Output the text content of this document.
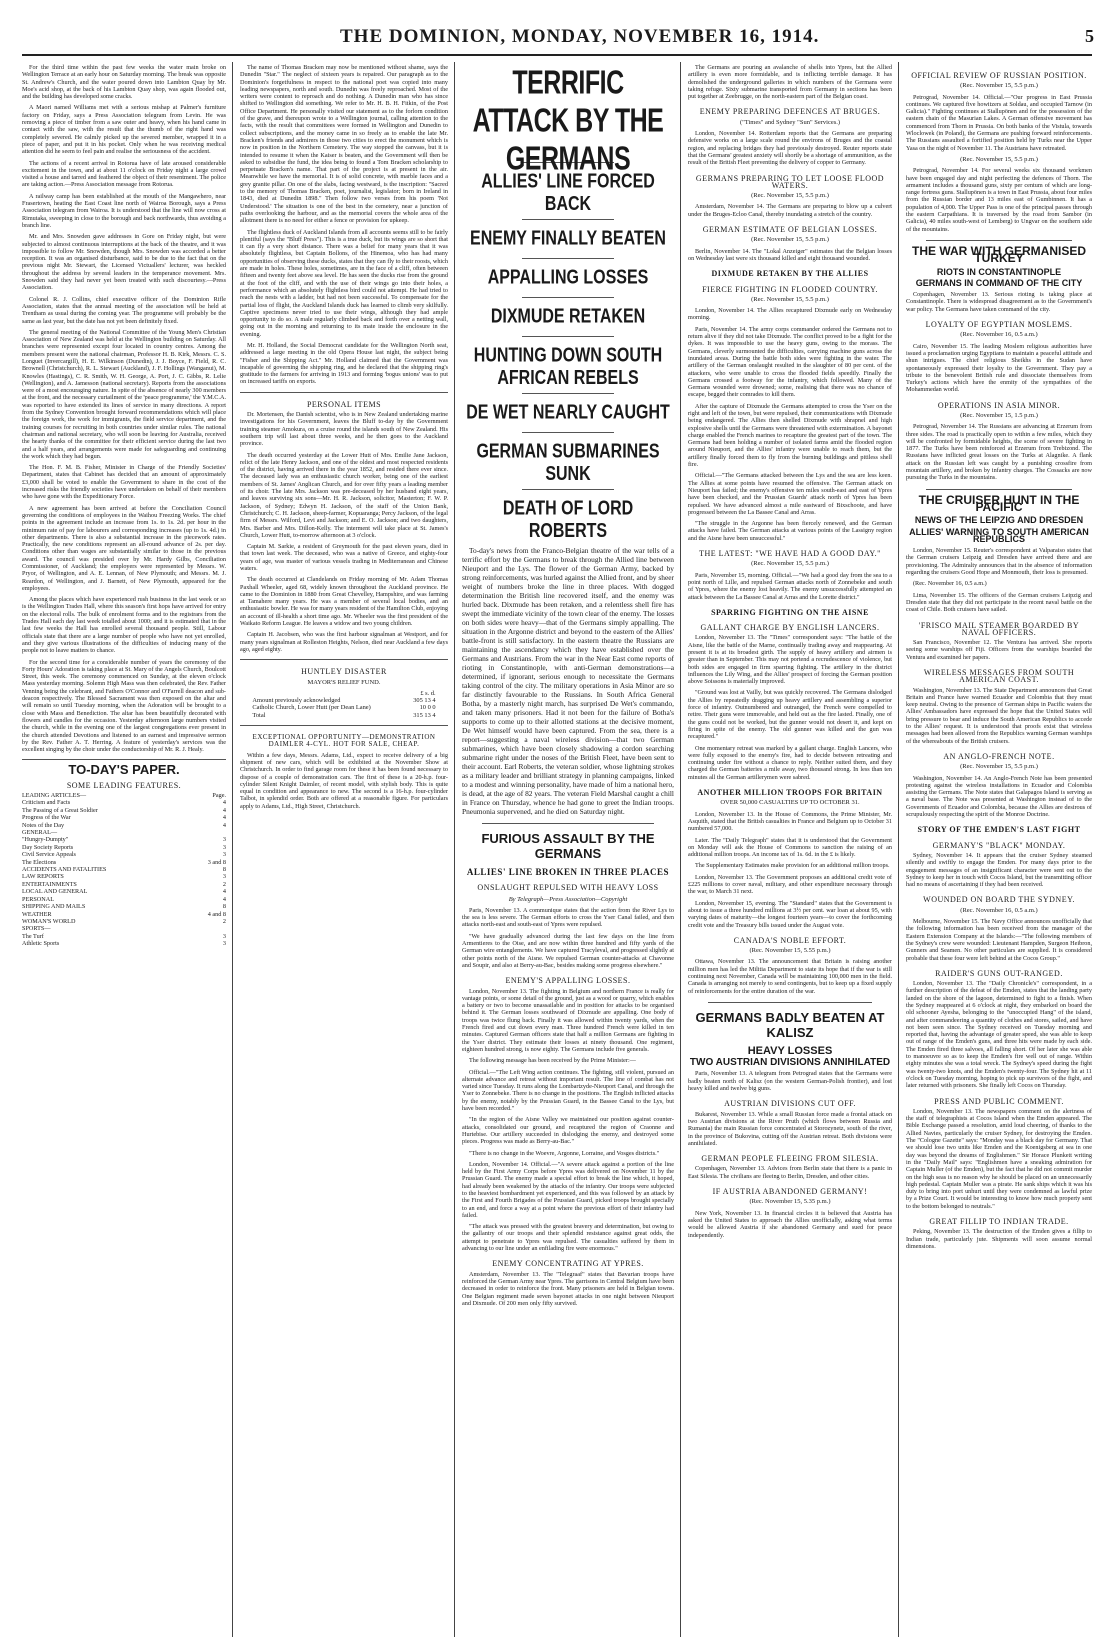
THE DOMINION, MONDAY, NOVEMBER 16, 1914.	5

For the third time within the past few weeks the water main broke on Wellington Terrace at an early hour on Saturday morning. The break was opposite St. Andrew's Church, and the water poured down into Lambton Quay by Mr. Moe's acid shop, at the back of his Lambton Quay shop, was again flooded out, and the building has developed some cracks.

A Maori named Williams met with a serious mishap at Palmer's furniture factory on Friday, says a Press Association telegram from Levin. He was removing a piece of timber from a saw outer and heavy, when his hand came in contact with the saw, with the result that the thumb of the right hand was completely severed. He calmly picked up the severed member, wrapped it in a piece of paper, and put it in his pocket. Only when he was receiving medical attention did he seem to feel pain and realise the seriousness of the accident.

The actions of a recent arrival in Rotorua have of late aroused considerable excitement in the town, and at about 11 o'clock on Friday night a large crowd visited a house and tarred and feathered the object of their resentment. The police are taking action.—Press Association message from Rotorua.

A railway camp has been established at the mouth of the Mangawhero, near Frasertown, heating the East Coast line north of Wairoa Borough, says a Press Association telegram from Wairoa. It is understood that the line will now cross at Rimutaka, sweeping in close to the borough and back northwards, thus avoiding a branch line.

Mr. and Mrs. Snowden gave addresses in Gore on Friday night, but were subjected to almost continuous interruptions at the back of the theatre, and it was impossible to follow Mr. Snowden, though Mrs. Snowden was accorded a better reception. It was an organised disturbance, said to be due to the fact that on the previous night Mr. Stewart, the Licensed Victuallers' lecturer, was heckled throughout the address by several leaders in the temperance movement. Mrs. Snowden said they had never yet been treated with such discourtesy.—Press Association.

Colonel R. J. Collins, chief executive officer of the Dominion Rifle Association, states that the annual meeting of the association will be held at Trentham as usual during the coming year. The programme will probably be the same as last year, but the date has not yet been definitely fixed.

The general meeting of the National Committee of the Young Men's Christian Association of New Zealand was held at the Wellington building on Saturday. All branches were represented except four located in country centres. Among the members present were the national chairman, Professor H. B. Kirk, Messrs. C. S. Longuet (Invercargill), H. E. Wilkinson (Dunedin), J. J. Boyce, F. Field, R. C. Brownell (Christchurch), R. L. Stewart (Auckland), J. F. Hollings (Wanganui), M. Knowles (Hastings), C. R. Smith, W. H. George, A. Port, J. C. Gibbs, R. Lelie (Wellington), and A. Jamesson (national secretary). Reports from the associations were of a most encouraging nature. In spite of the absence of nearly 300 members at the front, and the necessary curtailment of the 'peace programme,' the Y.M.C.A. was reported to have extended its lines of service in many directions. A report from the Sydney Convention brought forward recommendations which will place the foreign work, the work for immigrants, the field service department, and the training courses for recruiting in both countries under similar rules. The national chairman and national secretary, who will soon be leaving for Australia, received the hearty thanks of the committee for their efficient service during the last two and a half years, and arrangements were made for safeguarding and continuing the work which they had begun.

The Hon. F. M. B. Fisher, Minister in Charge of the Friendly Societies' Department, states that Cabinet has decided that an amount of approximately £3,000 shall be voted to enable the Government to share in the cost of the increased risks the friendly societies have undertaken on behalf of their members who have gone with the Expeditionary Force.

A new agreement has been arrived at before the Conciliation Council governing the conditions of employees in the Waihou Freezing Works. The chief points in the agreement include an increase from 1s. to 1s. 2d. per hour in the minimum rate of pay for labourers and corresponding increases (up to 1s. 4d.) in other departments. There is also a substantial increase in the piecework rates. Practically, the new conditions represent an all-round advance of 2s. per day. Conditions other than wages are substantially similar to those in the previous award. The council was presided over by Mr. Hardy Gilbs, Conciliation Commissioner, of Auckland; the employers were represented by Messrs. W. Pryor, of Wellington, and A. E. Lennan, of New Plymouth; and Messrs. M. J. Reardon, of Wellington, and J. Barnett, of New Plymouth, appeared for the employees.

Among the places which have experienced rush business in the last week or so is the Wellington Trades Hall, where this season's first hops have arrived for entry on the electoral rolls. The bulk of enrolment forms and to the registrars from the Trades Hall each day last week totalled about 1000; and it is estimated that in the last few weeks the Hall has enrolled several thousand people. Still, Labour officials state that there are a large number of people who have not yet enrolled, and they give various illustrations of the difficulties of inducing many of the people not to leave matters to chance.

For the second time for a considerable number of years the ceremony of the Forty Hours' Adoration is taking place at St. Mary of the Angels Church, Boulcott Street, this week. The ceremony commenced on Sunday, at the eleven o'clock Mass yesterday morning. Solemn High Mass was then celebrated, the Rev. Father Venning being the celebrant, and Fathers O'Connor and O'Farrell deacon and sub-deacon respectively. The Blessed Sacrament was then exposed on the altar and will remain so until Tuesday morning, when the Adoration will be brought to a close with Mass and Benediction. The altar has been beautifully decorated with flowers and candles for the occasion. Yesterday afternoon large numbers visited the church, while in the evening one of the largest congregations ever present in the church attended Devotions and listened to an earnest and impressive sermon by the Rev. Father A. T. Herring. A feature of yesterday's services was the excellent singing by the choir under the conductorship of Mr. R. J. Healy.

TO-DAY'S PAPER.
SOME LEADING FEATURES.
LEADING ARTICLES—	Page.
Criticism and Facts	4
The Passing of a Great Soldier	4
Progress of the War	4
Notes of the Day	4
GENERAL—
"Hungry-Dumpty"	3
Day Society Reports	3
Civil Service Appeals	3
The Elections	3 and 8
ACCIDENTS AND FATALITIES	8
LAW REPORTS	3
ENTERTAINMENTS	2
LOCAL AND GENERAL	4
PERSONAL	4
SHIPPING AND MAILS	8
WEATHER	4 and 8
WOMAN'S WORLD	2
SPORTS—
The Turf	3
Athletic Sports	3

The name of Thomas Bracken may now be mentioned without shame, says the Dunedin "Star." The neglect of sixteen years is repaired. Our paragraph as to the Dominion's forgetfulness in respect to the national poet was copied into many leading newspapers, north and south. Dunedin was freely reproached. Most of the writers were content to reproach and do nothing. A Dunedin man who has since shifted to Wellington did something. We refer to Mr. H. B. H. Fitkin, of the Post Office Department. He personally visited our statement as to the forlorn condition of the grave, and thereupon wrote to a Wellington journal, calling attention to the facts, with the result that committees were formed in Wellington and Dunedin to collect subscriptions, and the money came in so freely as to enable the late Mr. Bracken's friends and admirers in those two cities to erect the monument which is now in position in the Northern Cemetery. The way stopped the canvass, but it is intended to resume it when the Kaiser is beaten, and the Government will then be asked to subsidise the fund, the idea being to found a Tom Bracken scholarship to perpetuate Bracken's name. That part of the project is at present in the air. Meanwhile we have the memorial. It is of solid concrete, with marble faces and a grey granite pillar. On one of the slabs, facing westward, is the inscription: "Sacred to the memory of Thomas Bracken, poet, journalist, legislator; born in Ireland in 1843, died at Dunedin 1898." Then follow two verses from his poem 'Not Understood.' The situation is one of the best in the cemetery, near a junction of paths overlooking the harbour, and as the memorial covers the whole area of the allotment there is no need for either a fence or provision for upkeep.

The flightless duck of Auckland Islands from all accounts seems still to be fairly plentiful (says the "Bluff Press"). This is a true duck, but its wings are so short that it can fly a very short distance. There was a belief for many years that it was absolutely flightless, but Captain Bollons, of the Hinemoa, who has had many opportunities of observing these ducks, states that they can fly to their roosts, which are made in holes. These holes, sometimes, are in the face of a cliff, often between fifteen and twenty feet above sea level. He has seen the ducks rise from the ground at the foot of the cliff, and with the use of their wings go into their holes, a performance which an absolutely flightless bird could not attempt. He had tried to reach the nests with a ladder, but had not been successful. To compensate for the partial loss of flight, the Auckland Islands duck has learned to climb very skilfully. Captive specimens never tried to use their wings, although they had ample opportunity to do so. A male regularly climbed back and forth over a netting wall, going out in the morning and returning to its mate inside the enclosure in the evening.

Mr. H. Holland, the Social Democrat candidate for the Wellington North seat, addressed a large meeting in the old Opera House last night, the subject being "Fisher and the Shipping Act." Mr. Holland claimed that the Government was incapable of governing the shipping ring, and he declared that the shipping ring's gratitude to the farmers for arriving in 1913 and forming 'bogus unions' was to put on increased tariffs on exports.

PERSONAL ITEMS

Dr. Mortensen, the Danish scientist, who is in New Zealand undertaking marine investigations for his Government, leaves the Bluff to-day by the Government training steamer Amokura, on a cruise round the islands south of New Zealand. His southern trip will last about three weeks, and he then goes to the Auckland province.

The death occurred yesterday at the Lower Hutt of Mrs. Emilie Jane Jackson, relict of the late Henry Jackson, and one of the oldest and most respected residents of the district, having arrived there in the year 1852, and resided there ever since. The deceased lady was an enthusiastic church worker, being one of the earliest members of St. James' Anglican Church, and for over fifty years a leading member of its choir. The late Mrs. Jackson was pre-deceased by her husband eight years, and leaves surviving six sons—Mr. H. R. Jackson, solicitor, Masterton; F. W. P. Jackson, of Sydney; Edwyn H. Jackson, of the staff of the Union Bank, Christchurch; C. H. Jackson, sheep-farmer, Kopuaranga; Percy Jackson, of the legal firm of Messrs. Wilford, Levi and Jackson; and E. O. Jackson; and two daughters, Mrs. Barber and Mrs. Dillon-Kelly. The interment will take place at St. James's Church, Lower Hutt, to-morrow afternoon at 3 o'clock.

Captain M. Sarkie, a resident of Greymouth for the past eleven years, died in that town last week. The deceased, who was a native of Greece, and eighty-four years of age, was master of various vessels trading in Mediterranean and Chinese waters.

The death occurred at Clandelands on Friday morning of Mr. Adam Thomas Paxhall Wheeler, aged 68, widely known throughout the Auckland province. He came to the Dominion in 1880 from Great Chevelley, Hampshire, and was farming at Tamahere many years. He was a member of several local bodies, and an enthusiastic bowler. He was for many years resident of the Hamilton Club, enjoying an account of ill-health a short time ago. Mr. Wheeler was the first president of the Waikato Reform League. He leaves a widow and two young children.

Captain H. Jacobsen, who was the first harbour signalman at Westport, and for many years signalman at Rolleston Heights, Nelson, died near Auckland a few days ago, aged eighty.

HUNTLEY DISASTER
MAYOR'S RELIEF FUND.
	£ s. d.
Amount previously acknowledged	305 13 4
Catholic Church, Lower Hutt (per Dean Lane)	10 0 0
Total	315 13 4
EXCEPTIONAL OPPORTUNITY—DEMONSTRATION DAIMLER 4-CYL. HOT FOR SALE, CHEAP.

Within a few days, Messrs. Adams, Ltd., expect to receive delivery of a big shipment of new cars, which will be exhibited at the November Show at Christchurch. In order to find garage room for these it has been found necessary to dispose of a couple of demonstration cars. The first of these is a 20-h.p. four-cylinder Silent Knight Daimler, of recent model, with stylish body. This is quite equal in condition and appearance to new. The second is a 16-h.p. four-cylinder Talbot, in splendid order. Both are offered at a reasonable figure. For particulars apply to Adams, Ltd., High Street, Christchurch.

TERRIFIC ATTACK BY THE GERMANS
ALLIES' LINE FORCED BACK
ENEMY FINALLY BEATEN
APPALLING LOSSES
DIXMUDE RETAKEN
HUNTING DOWN SOUTH AFRICAN REBELS
DE WET NEARLY CAUGHT
GERMAN SUBMARINES SUNK
DEATH OF LORD ROBERTS

To-day's news from the Franco-Belgian theatre of the war tells of a terrific effort by the Germans to break through the Allied line between Nieuport and the Lys. The flower of the German Army, backed by strong reinforcements, was hurled against the Allied front, and by sheer weight of numbers broke the line in three places. With dogged determination the British line recovered itself, and the enemy was hurled back. Dixmude has been retaken, and a relentless shell fire has swept the immediate vicinity of the town clear of the enemy. The losses on both sides were heavy—that of the Germans simply appalling. The situation in the Argonne district and beyond to the eastern of the Allies' battle-front is still satisfactory. In the eastern theatre the Russians are maintaining the ascendancy which they have established over the Germans and Austrians. From the war in the Near East come reports of rioting in Constantinople, with anti-German demonstrations—a determined, if ignorant, serious enough to necessitate the Germans taking control of the city. The military operations in Asia Minor are so far distinctly favourable to the Russians. In South Africa General Botha, by a masterly night march, has surprised De Wet's commando, and taken many prisoners. Had it not been for the failure of Botha's supports to come up to their allotted stations at the decisive moment, De Wet himself would have been captured. From the sea, there is a report—suggesting a naval wireless division—that two German submarines, which have been closely shadowing a cordon searching submarine right under the noses of the British Fleet, have been sent to their account. Earl Roberts, the veteran soldier, whose lightning strokes as a military leader and brilliant strategy in planning campaigns, linked to a modest and winning personality, have made of him a national hero, is dead, at the age of 82 years. The veteran Field Marshal caught a chill in France on Thursday, whence he had gone to greet the Indian troops. Pneumonia supervened, and he died on Saturday night.

FURIOUS ASSAULT BY THE GERMANS
ALLIES' LINE BROKEN IN THREE PLACES
ONSLAUGHT REPULSED WITH HEAVY LOSS
By Telegraph—Press Association—Copyright

Paris, November 13. A communique states that the action from the River Lys to the sea is less severe. The German efforts to cross the Yser Canal failed, and then attacks north-east and south-east of Ypres were repulsed.

"We have gradually advanced during the last few days on the line from Armentieres to the Oise, and are now within three hundred and fifty yards of the German wire entanglements. We have captured Tracyleval, and progressed slightly at other points north of the Aisne. We repulsed German counter-attacks at Chavonne and Soupir, and also at Berry-au-Bac, besides making some progress elsewhere."

ENEMY'S APPALLING LOSSES.

London, November 13. The fighting in Belgium and northern France is really for vantage points, or some detail of the ground, just as a wood or quarry, which enables a battery or two to become unassailable and in position for attacks to be organised behind it. The German losses southward of Dixmude are appalling. One body of troops was twice flung back. Finally it was allowed within twenty yards, when the French fired and cut down every man. Three hundred French were killed in ten minutes. Captured German officers state that half a million Germans are fighting in the Yser district. They estimate their losses at ninety thousand. One regiment, eighteen hundred strong, is now eighty. The Germans include five generals.

The following message has been received by the Prime Minister:—

Official.—"The Left Wing action continues. The fighting, still violent, pursued an alternate advance and retreat without important result. The line of combat has not varied since Tuesday. It runs along the Lombartzyde-Nieuport Canal, and through the Yser to Zonnebeke. There is no change in the positions. The English inflicted attacks by the enemy, notably by the Prussian Guard, in the Bassee Canal to the Lys, but have been recorded."

"In the region of the Aisne Valley we maintained our position against counter-attacks, consolidated our ground, and recaptured the region of Craonne and Hurtebise. Our artillery succeeded in dislodging the enemy, and destroyed some pieces. Progress was made as Berry-au-Bac."

"There is no change in the Woevre, Argonne, Lorraine, and Vosges districts."

London, November 14. Official.—"A severe attack against a portion of the line held by the First Army Corps before Ypres was delivered on November 11 by the Prussian Guard. The enemy made a special effort to break the line which, it hoped, had already been weakened by the attacks of the infantry. Our troops were subjected to the heaviest bombardment yet experienced, and this was followed by an attack by the First and Fourth Brigades of the Prussian Guard, picked troops brought specially to an end, and force a way at a point where the previous effort of their infantry had failed.

"The attack was pressed with the greatest bravery and determination, but owing to the gallantry of our troops and their splendid resistance against great odds, the attempt to penetrate to Ypres was repulsed. The casualties suffered by them in advancing to our line under an enfilading fire were enormous."

ENEMY CONCENTRATING AT YPRES.

Amsterdam, November 13. The "Telegraaf" states that Bavarian troops have reinforced the German Army near Ypres. The garrisons in Central Belgium have been decreased in order to reinforce the front. Many prisoners are held in Belgian towns. One Belgian regiment made seven bayonet attacks in one night between Nieuport and Dixmude. Of 200 men only fifty survived.

The Germans are pouring an avalanche of shells into Ypres, but the Allied artillery is even more formidable, and is inflicting terrible damage. It has demolished the underground galleries in which numbers of the Germans were taking refuge. Sixty submarine transported from Germany in sections has been put together at Zeebrugge, on the north-eastern part of the Belgian coast.

ENEMY PREPARING DEFENCES AT BRUGES.
("Times" and Sydney "Sun" Services.)

London, November 14. Rotterdam reports that the Germans are preparing defensive works on a large scale round the environs of Bruges and the coastal region, and replacing bridges they had previously destroyed. Reuter reports state that the Germans' greatest anxiety will shortly be a shortage of ammunition, as the result of the British Fleet preventing the delivery of copper to Germany.

GERMANS PREPARING TO LET LOOSE FLOOD WATERS.
(Rec. November 15, 5.5 p.m.)

Amsterdam, November 14. The Germans are preparing to blow up a culvert under the Bruges-Ecloo Canal, thereby inundating a stretch of the country.

GERMAN ESTIMATE OF BELGIAN LOSSES.
(Rec. November 15, 5.5 p.m.)

Berlin, November 14. The "Lokal Anzeiger" estimates that the Belgian losses on Wednesday last were six thousand killed and eight thousand wounded.

DIXMUDE RETAKEN BY THE ALLIES
FIERCE FIGHTING IN FLOODED COUNTRY.
(Rec. November 15, 5.5 p.m.)

London, November 14. The Allies recaptured Dixmude early on Wednesday morning.

Paris, November 14. The army corps commander ordered the Germans not to return alive if they did not take Dixmude. The conflict proved to be a fight for the dykes. It was impossible to use the heavy guns, owing to the morass. The Germans, cleverly surmounted the difficulties, carrying machine guns across the inundated areas. During the battle both sides were fighting in the water. The artillery of the German onslaught resulted in the slaughter of 80 per cent. of the attackers, who were unable to cross the flooded fields speedily. Finally the Germans crossed a footway for the infantry, which followed. Many of the Germans wounded were drowned; some, realising that there was no chance of escape, begged their comrades to kill them.

After the capture of Dixmude the Germans attempted to cross the Yser on the right and left of the town, but were repulsed, their communications with Dixmude being endangered. The Allies then shelled Dixmude with shrapnel and high explosive shells until the Germans were threatened with extermination. A bayonet charge enabled the French marines to recapture the greatest part of the town. The Germans had been holding a number of isolated farms amid the flooded region around Nieuport, and the Allies' infantry were unable to reach them, but the artillery finally forced them to fly from the burning buildings and pitiless shell fire.

Official.—"The Germans attacked between the Lys and the sea are less keen. The Allies at some points have resumed the offensive. The German attack on Nieuport has failed; the enemy's offensive ten miles south-east and east of Ypres have been checked, and the Prussian Guards' attack north of Ypres has been repulsed. We have advanced almost a mile eastward of Bixschoote, and have progressed between the La Bassee Canal and Arras.

"The struggle in the Argonne has been fiercely renewed, and the German attacks have failed. The German attacks at various points of the Lassigny region and the Aisne have been unsuccessful."

THE LATEST: "WE HAVE HAD A GOOD DAY."
(Rec. November 15, 5.5 p.m.)

Paris, November 15, morning. Official.—"We had a good day from the sea to a point north of Lille, and repulsed German attacks north of Zonnebeke and south of Ypres, where the enemy lost heavily. The enemy unsuccessfully attempted an attack between the La Bassee Canal at Arras and the Lorette district."

SPARRING FIGHTING ON THE AISNE
GALLANT CHARGE BY ENGLISH LANCERS.

London, November 13. The "Times" correspondent says: "The battle of the Aisne, like the battle of the Marne, continually trading away and reappearing. At present it is at its broadest girth. The supply of heavy artillery and airmen is greater than in September. This may not portend a recrudescence of violence, but both sides are engaged in firm sparring fighting. The artillery in the district influences the Lily Wing, and the Allies' prospect of forcing the German position above Soissons is materially improved.

"Ground was lost at Vailly, but was quickly recovered. The Germans dislodged the Allies by repeatedly dragging up heavy artillery and assembling a superior force of infantry. Outnumbered and outranged, the French were compelled to retire. Their guns were immovable, and held out as the fire lasted. Finally, one of the guns could not be worked, but the gunner would not desert it, and kept on firing in spite of the enemy. The old gunner was killed and the gun was recaptured."

One momentary retreat was marked by a gallant charge. English Lancers, who were fully exposed to the enemy's fire, had to decide between retreating and continuing under fire without a chance to reply. Neither suited them, and they charged the German batteries a mile away, two thousand strong. In less than ten minutes all the German artillerymen were sabred.

ANOTHER MILLION TROOPS FOR BRITAIN
OVER 50,000 CASUALTIES UP TO OCTOBER 31.

London, November 13. In the House of Commons, the Prime Minister, Mr. Asquith, stated that the British casualties in France and Belgium up to October 31 numbered 57,000.

Later. The "Daily Telegraph" states that it is understood that the Government on Monday will ask the House of Commons to sanction the raising of an additional million troops. An income tax of 1s. 6d. in the £ is likely.

The Supplementary Estimates make provision for an additional million troops.

London, November 13. The Government proposes an additional credit vote of £225 millions to cover naval, military, and other expenditure necessary through the war, to March 31 next.

London, November 15, evening. The "Standard" states that the Government is about to issue a three hundred millions at 3½ per cent. war loan at about 95, with varying dates of maturity—the longest fourteen years—to cover the forthcoming credit vote and the Treasury bills issued under the August vote.

CANADA'S NOBLE EFFORT.
(Rec. November 15, 5.55 p.m.)

Ottawa, November 13. The announcement that Britain is raising another million men has led the Militia Department to state its hope that if the war is still continuing next November, Canada will be maintaining 100,000 men in the field. Canada is arranging not merely to send contingents, but to keep up a fixed supply of reinforcements for the entire duration of the war.

GERMANS BADLY BEATEN AT KALISZ
HEAVY LOSSES
TWO AUSTRIAN DIVISIONS ANNIHILATED

Paris, November 13. A telegram from Petrograd states that the Germans were badly beaten north of Kalisz (on the western German-Polish frontier), and lost heavy killed and twelve big guns.

AUSTRIAN DIVISIONS CUT OFF.

Bukarest, November 13. While a small Russian force made a frontal attack on two Austrian divisions at the River Pruth (which flows between Russia and Rumania) the main Russian force concentrated at Storozynetz, south of the river, in the province of Bukovina, cutting off the Austrian retreat. Both divisions were annihilated.

GERMAN PEOPLE FLEEING FROM SILESIA.

Copenhagen, November 13. Advices from Berlin state that there is a panic in East Silesia. The civilians are fleeing to Berlin, Dresden, and other cities.

IF AUSTRIA ABANDONED GERMANY!
(Rec. November 15, 5.35 p.m.)

New York, November 13. In financial circles it is believed that Austria has asked the United States to approach the Allies unofficially, asking what terms would be allowed Austria if she abandoned Germany and sued for peace independently.

OFFICIAL REVIEW OF RUSSIAN POSITION.
(Rec. November 15, 5.5 p.m.)

Petrograd, November 14. Official.—"Our progress in East Prussia continues. We captured five howitzers at Soldau, and occupied Tarnow (in Galicia)." Fighting continues at Stallupönen and for the possession of the eastern chain of the Masurian Lakes. A German offensive movement has commenced from Thorn in Prussia. On both banks of the Vistula, towards Wloclowek (in Poland), the Germans are pushing forward reinforcements. The Russians assaulted a fortified position held by Turks near the Upper Yasa on the night of November 11. The Austrians have retreated.

(Rec. November 15, 5.5 p.m.)

Petrograd, November 14. For several weeks six thousand workmen have been engaged day and night perfecting the defences of Thorn. The armament includes a thousand guns, sixty per centum of which are long-range fortress guns. Stallupönen is a town in East Prussia, about four miles from the Russian border and 13 miles east of Gumbinnen. It has a population of 4,000. The Upper Pass is one of the principal passes through the eastern Carpathians. It is traversed by the road from Sambor (in Galicia), 40 miles south-west of Lemberg) to Ungvar on the southern side of the mountains.

THE WAR WITH GERMANISED TURKEY
RIOTS IN CONSTANTINOPLE
GERMANS IN COMMAND OF THE CITY

Copenhagen, November 13. Serious rioting is taking place at Constantinople. There is widespread disagreement as to the Government's war policy. The Germans have taken command of the city.

LOYALTY OF EGYPTIAN MOSLEMS.
(Rec. November 16, 0.5 a.m.)

Cairo, November 15. The leading Moslem religious authorities have issued a proclamation urging Egyptians to maintain a peaceful attitude and shun intrigues. The chief religious Sheikhs in the Sudan have spontaneously expressed their loyalty to the Government. They pay a tribute to the benevolent British rule and dissociate themselves from Turkey's actions which have the enmity of the sympathies of the Mohammedan world.

OPERATIONS IN ASIA MINOR.
(Rec. November 15, 1.5 p.m.)

Petrograd, November 14. The Russians are advancing at Erzerum from three sides. The road is practically open to within a few miles, which they will be confronted by formidable heights, the scene of severe fighting in 1877. The Turks have been reinforced at Erzerum from Trebizond. The Russians have inflicted great losses on the Turks at Alagnike. A flank attack on the Russian left was caught by a punishing crossfire from mountain artillery, and broken by infantry charges. The Cossacks are now pursuing the Turks in the mountains.

THE CRUISER HUNT IN THE PACIFIC
NEWS OF THE LEIPZIG AND DRESDEN
ALLIES' WARNING TO SOUTH AMERICAN REPUBLICS

London, November 15. Reuter's correspondent at Valparaiso states that the German cruisers Leipzig and Dresden have arrived there and are provisioning. The Admiralty announces that in the absence of information regarding the cruisers Good Hope and Monmouth, their loss is presumed.

(Rec. November 16, 0.5 a.m.)

Lima, November 15. The officers of the German cruisers Leipzig and Dresden state that they did not participate in the recent naval battle on the coast of Chile. Both cruisers have sailed.

'FRISCO MAIL STEAMER BOARDED BY NAVAL OFFICERS.

San Francisco, November 12. The Ventura has arrived. She reports seeing some warships off Fiji. Officers from the warships boarded the Ventura and examined her papers.

WIRELESS MESSAGES FROM SOUTH AMERICAN COAST.

Washington, November 13. The State Department announces that Great Britain and France have warned Ecuador and Colombia that they must keep neutral. Owing to the presence of German ships in Pacific waters the Allies' Ambassadors have expressed the hope that the United States will bring pressure to bear and induce the South American Republics to accede to the Allies' request. It is understood that proofs exist that wireless messages had been allowed from the Republics warning German warships of the whereabouts of the British cruisers.

AN ANGLO-FRENCH NOTE.
(Rec. November 15, 5.5 p.m.)

Washington, November 14. An Anglo-French Note has been presented protesting against the wireless installations in Ecuador and Colombia assisting the Germans. The Note states that Galapagos Island is serving as a naval base. The Note was presented at Washington instead of to the Governments of Ecuador and Colombia, because the Allies are desirous of scrupulously respecting the spirit of the Monroe Doctrine.

STORY OF THE EMDEN'S LAST FIGHT
GERMANY'S "BLACK" MONDAY.

Sydney, November 14. It appears that the cruiser Sydney steamed silently and swiftly to engage the Emden. For many days prior to the engagement messages of an insignificant character were sent out to the Sydney to keep her in touch with Cocos Island, but the transmitting officer had no means of ascertaining if they had been received.

WOUNDED ON BOARD THE SYDNEY.
(Rec. November 16, 0.5 a.m.)

Melbourne, November 15. The Navy Office announces unofficially that the following information has been received from the manager of the Eastern Extension Company at the Islands:—"The following members of the Sydney's crew were wounded: Lieutenant Hampden, Surgeon Heibron, Gunners and Seamen. No other particulars are supplied. It is considered probable that these four were left behind at the Cocos Group."

RAIDER'S GUNS OUT-RANGED.

London, November 13. The "Daily Chronicle's" correspondent, in a further description of the defeat of the Emden, states that the landing party landed on the shore of the lagoon, determined to fight to a finish. When the Sydney reappeared at 6 o'clock at night, they embarked on board the old schooner Ayesha, belonging to the "unoccupied Hang" of the island, and after commandeering a quantity of clothes and stores, sailed, and have not been seen since. The Sydney received on Tuesday morning and reported that, having the advantage of greater speed, she was able to keep out of range of the Emden's guns, and three hits were made by each side. The Emden fired three salvoes, all falling short. Of her later she was able to manoeuvre so as to keep the Emden's fire well out of range. Within eighty minutes she was a total wreck. The Sydney's speed during the fight was twenty-two knots, and the Emden's twenty-four. The Sydney hit at 11 o'clock on Tuesday morning, hoping to pick up survivors of the fight, and later returned with prisoners. She finally left Cocos on Thursday.

PRESS AND PUBLIC COMMENT.

London, November 13. The newspapers comment on the alertness of the staff of telegraphists at Cocos Island when the Emden appeared. The Bible Exchange passed a resolution, amid loud cheering, of thanks to the Allied Navies, particularly the cruiser Sydney, for destroying the Emden. The "Cologne Gazette" says: "Monday was a black day for Germany. That we should lose two units like Emden and the Koenigsberg at sea in one day was beyond the dreams of Englishmen." Sir Horace Plunkett writing in the "Daily Mail" says: "Englishmen have a sneaking admiration for Captain Muller (of the Emden), but the fact that he did not commit murder on the high seas is no reason why he should be placed on an unnecessarily high pedestal. Captain Muller was a pirate. He sank ships which it was his duty to bring into port unhurt until they were condemned as lawful prize by a Prize Court. It would be interesting to know how much property sent to the bottom belonged to neutrals."

GREAT FILLIP TO INDIAN TRADE.

Peking, November 13. The destruction of the Emden gives a fillip to Indian trade, particularly jute. Shipments will soon assume normal dimensions.
